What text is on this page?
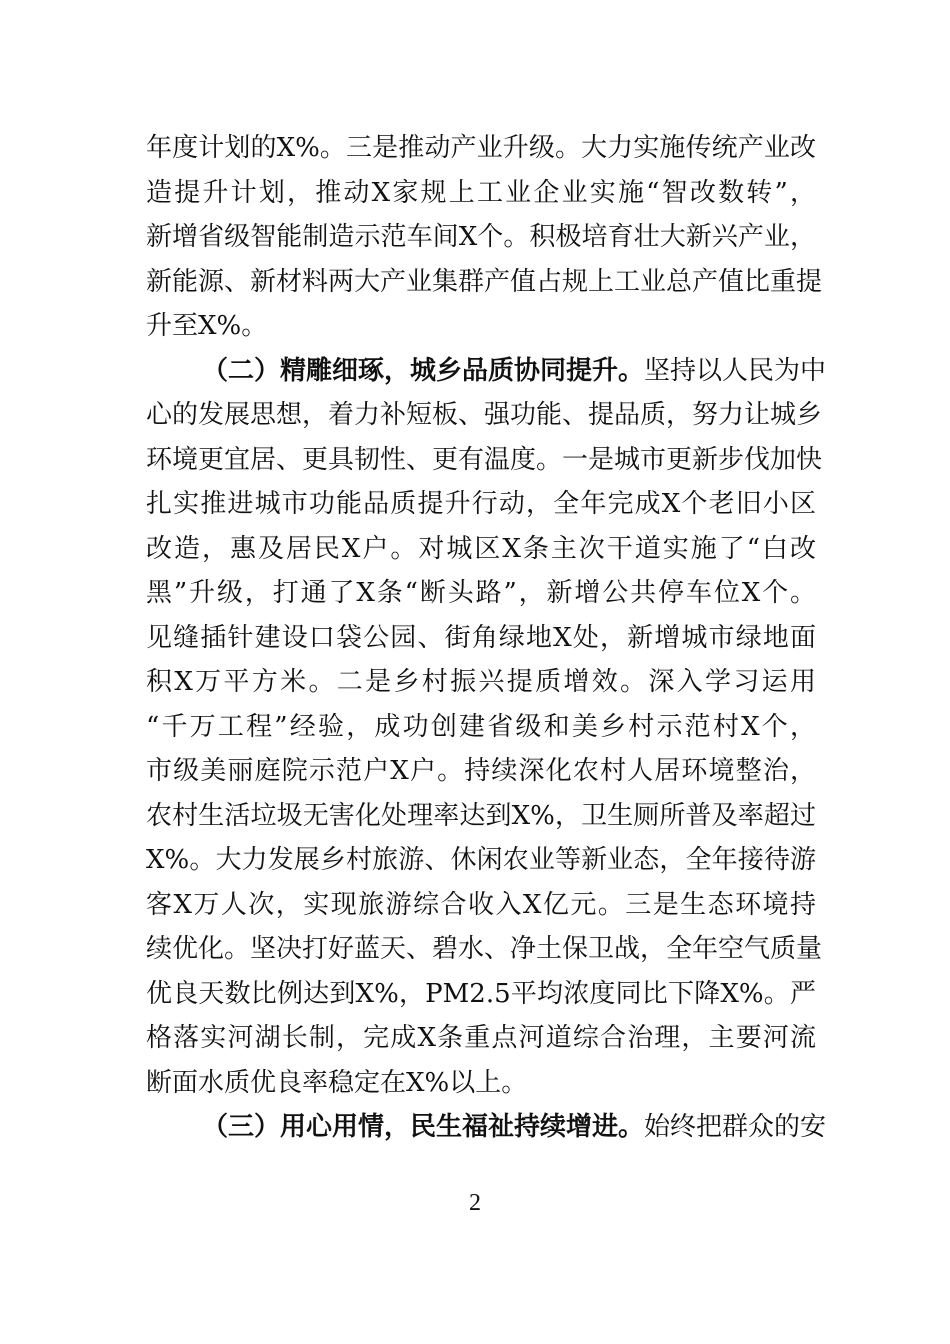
年度计划的X%。三是推动产业升级。大力实施传统产业改
造提升计划，推动X家规上工业企业实施“智改数转”，
新增省级智能制造示范车间X个。积极培育壮大新兴产业，
新能源、新材料两大产业集群产值占规上工业总产值比重提
升至X%。
（二）精雕细琢，城乡品质协同提升。坚持以人民为中
心的发展思想，着力补短板、强功能、提品质，努力让城乡
环境更宜居、更具韧性、更有温度。一是城市更新步伐加快
扎实推进城市功能品质提升行动，全年完成X个老旧小区
改造，惠及居民X户。对城区X条主次干道实施了“白改
黑”升级，打通了X条“断头路”，新增公共停车位X个。
见缝插针建设口袋公园、街角绿地X处，新增城市绿地面
积X万平方米。二是乡村振兴提质增效。深入学习运用
“千万工程”经验，成功创建省级和美乡村示范村X个，
市级美丽庭院示范户X户。持续深化农村人居环境整治，
农村生活垃圾无害化处理率达到X%，卫生厕所普及率超过
X%。大力发展乡村旅游、休闲农业等新业态，全年接待游
客X万人次，实现旅游综合收入X亿元。三是生态环境持
续优化。坚决打好蓝天、碧水、净土保卫战，全年空气质量
优良天数比例达到X%，PM2.5平均浓度同比下降X%。严
格落实河湖长制，完成X条重点河道综合治理，主要河流
断面水质优良率稳定在X%以上。
（三）用心用情，民生福祉持续增进。始终把群众的安
2
